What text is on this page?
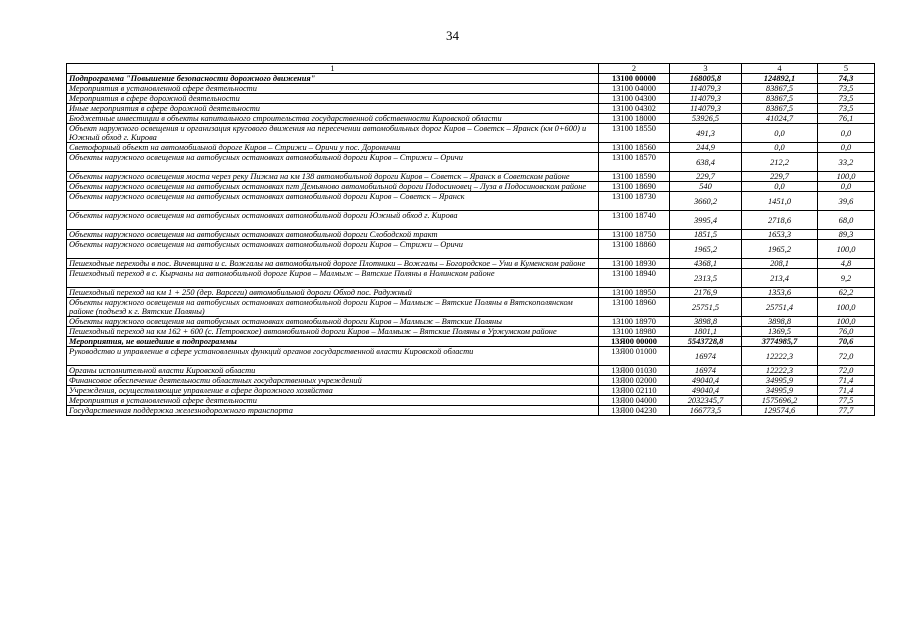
34
1	2	3	4	5
Подпрограмма "Повышение безопасности дорожного движения"	13100 00000	168005,8	124892,1	74,3
Мероприятия в установленной сфере деятельности	13100 04000	114079,3	83867,5	73,5
Мероприятия в сфере дорожной деятельности	13100 04300	114079,3	83867,5	73,5
Иные мероприятия в сфере дорожной деятельности	13100 04302	114079,3	83867,5	73,5
Бюджетные инвестиции в объекты капитального строительства государственной собственности Кировской области	13100 18000	53926,5	41024,7	76,1
Объект наружного освещения и организация кругового движения на пересечении автомобильных дорог Киров – Советск – Яранск (км 0+600) и Южный обход г. Кирова	13100 18550	491,3	0,0	0,0
Светофорный объект на автомобильной дороге Киров – Стрижи – Оричи у пос. Доронични	13100 18560	244,9	0,0	0,0
Объекты наружного освещения на автобусных остановках автомобильной дороги Киров – Стрижи – Оричи	13100 18570	638,4	212,2	33,2
Объекты наружного освещения моста через реку Пижма на км 138 автомобильной дороги Киров – Советск – Яранск в Советском районе	13100 18590	229,7	229,7	100,0
Объекты наружного освещения на автобусных остановках пгт Демьяново автомобильной дороги Подосиновец – Луза в Подосиновском районе	13100 18690	540	0,0	0,0
Объекты наружного освещения на автобусных остановках автомобильной дороги Киров – Советск – Яранск	13100 18730	3660,2	1451,0	39,6
Объекты наружного освещения на автобусных остановках автомобильной дороги Южный обход г. Кирова	13100 18740	3995,4	2718,6	68,0
Объекты наружного освещения на автобусных остановках автомобильной дороги Слободской тракт	13100 18750	1851,5	1653,3	89,3
Объекты наружного освещения на автобусных остановках автомобильной дороги Киров – Стрижи – Оричи	13100 18860	1965,2	1965,2	100,0
Пешеходные переходы в пос. Вичевщина и с. Вожгалы на автомобильной дороге Плотники – Вожгалы – Богородское – Уни в Куменском районе	13100 18930	4368,1	208,1	4,8
Пешеходный переход в с. Кырчаны на автомобильной дороге Киров – Малмыж – Вятские Поляны в Нолинском районе	13100 18940	2313,5	213,4	9,2
Пешеходный переход на км 1 + 250 (дер. Варсеги) автомобильной дороги Обход пос. Радужный	13100 18950	2176,9	1353,6	62,2
Объекты наружного освещения на автобусных остановках автомобильной дороги Киров – Малмыж – Вятские Поляны в Вятскополянском районе (подъезд к г. Вятские Поляны)	13100 18960	25751,5	25751,4	100,0
Объекты наружного освещения на автобусных остановках автомобильной дороги Киров – Малмыж – Вятские Поляны	13100 18970	3898,8	3898,8	100,0
Пешеходный переход на км 162 + 600 (с. Петровское) автомобильной дороги Киров – Малмыж – Вятские Поляны в Уржумском районе	13100 18980	1801,1	1369,5	76,0
Мероприятия, не вошедшие в подпрограммы	13Я00 00000	5543728,8	3774985,7	70,6
Руководство и управление в сфере установленных функций органов государственной власти Кировской области	13Я00 01000	16974	12222,3	72,0
Органы исполнительной власти Кировской области	13Я00 01030	16974	12222,3	72,0
Финансовое обеспечение деятельности областных государственных учреждений	13Я00 02000	49040,4	34995,9	71,4
Учреждения, осуществляющие управление в сфере дорожного хозяйства	13Я00 02110	49040,4	34995,9	71,4
Мероприятия в установленной сфере деятельности	13Я00 04000	2032345,7	1575696,2	77,5
Государственная поддержка железнодорожного транспорта	13Я00 04230	166773,5	129574,6	77,7
